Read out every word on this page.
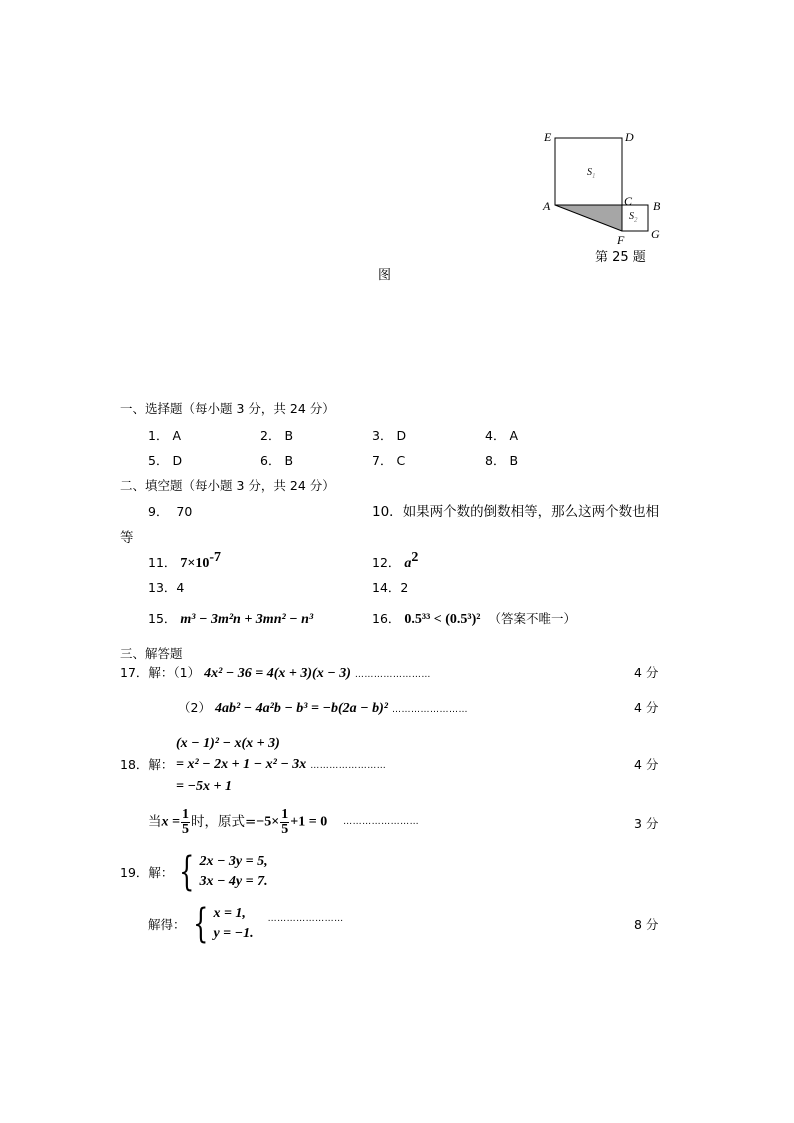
E	D
A	C B
F G
$S_1$
$S_2$
第 25 题
图
一、选择题（每小题 3 分，共 24 分）
1． A	2． B	3． D	4． A
5． D	6． B	7． C	8． B
二、填空题（每小题 3 分，共 24 分）
9． 70	10．如果两个数的倒数相等，那么这两个数也相
等
11． $7\times 10^{-7}$	12． $a^2$
13．4	14．2
15． m³ − 3m²n + 3mn² − n³	16． 0.5³³ < (0.5³)² （答案不唯一）
三、解答题
17．解：（1） 4x² − 36 = 4(x + 3)(x − 3) ……………………	4 分
（2） 4ab² − 4a²b − b³ = −b(2a − b)² ……………………	4 分
(x − 1)² − x(x + 3)
18．解： = x² − 2x + 1 − x² − 3x ……………………	4 分
= −5x + 1
当$x = \frac{1}{5}$ 时，原式$=-5\times \frac{1}{5} +1 = 0$ ……………………	3 分
19．解： { 2x − 3y = 5,
3x − 4y = 7.
解得： { x = 1,
y = −1.
……………………	8 分
